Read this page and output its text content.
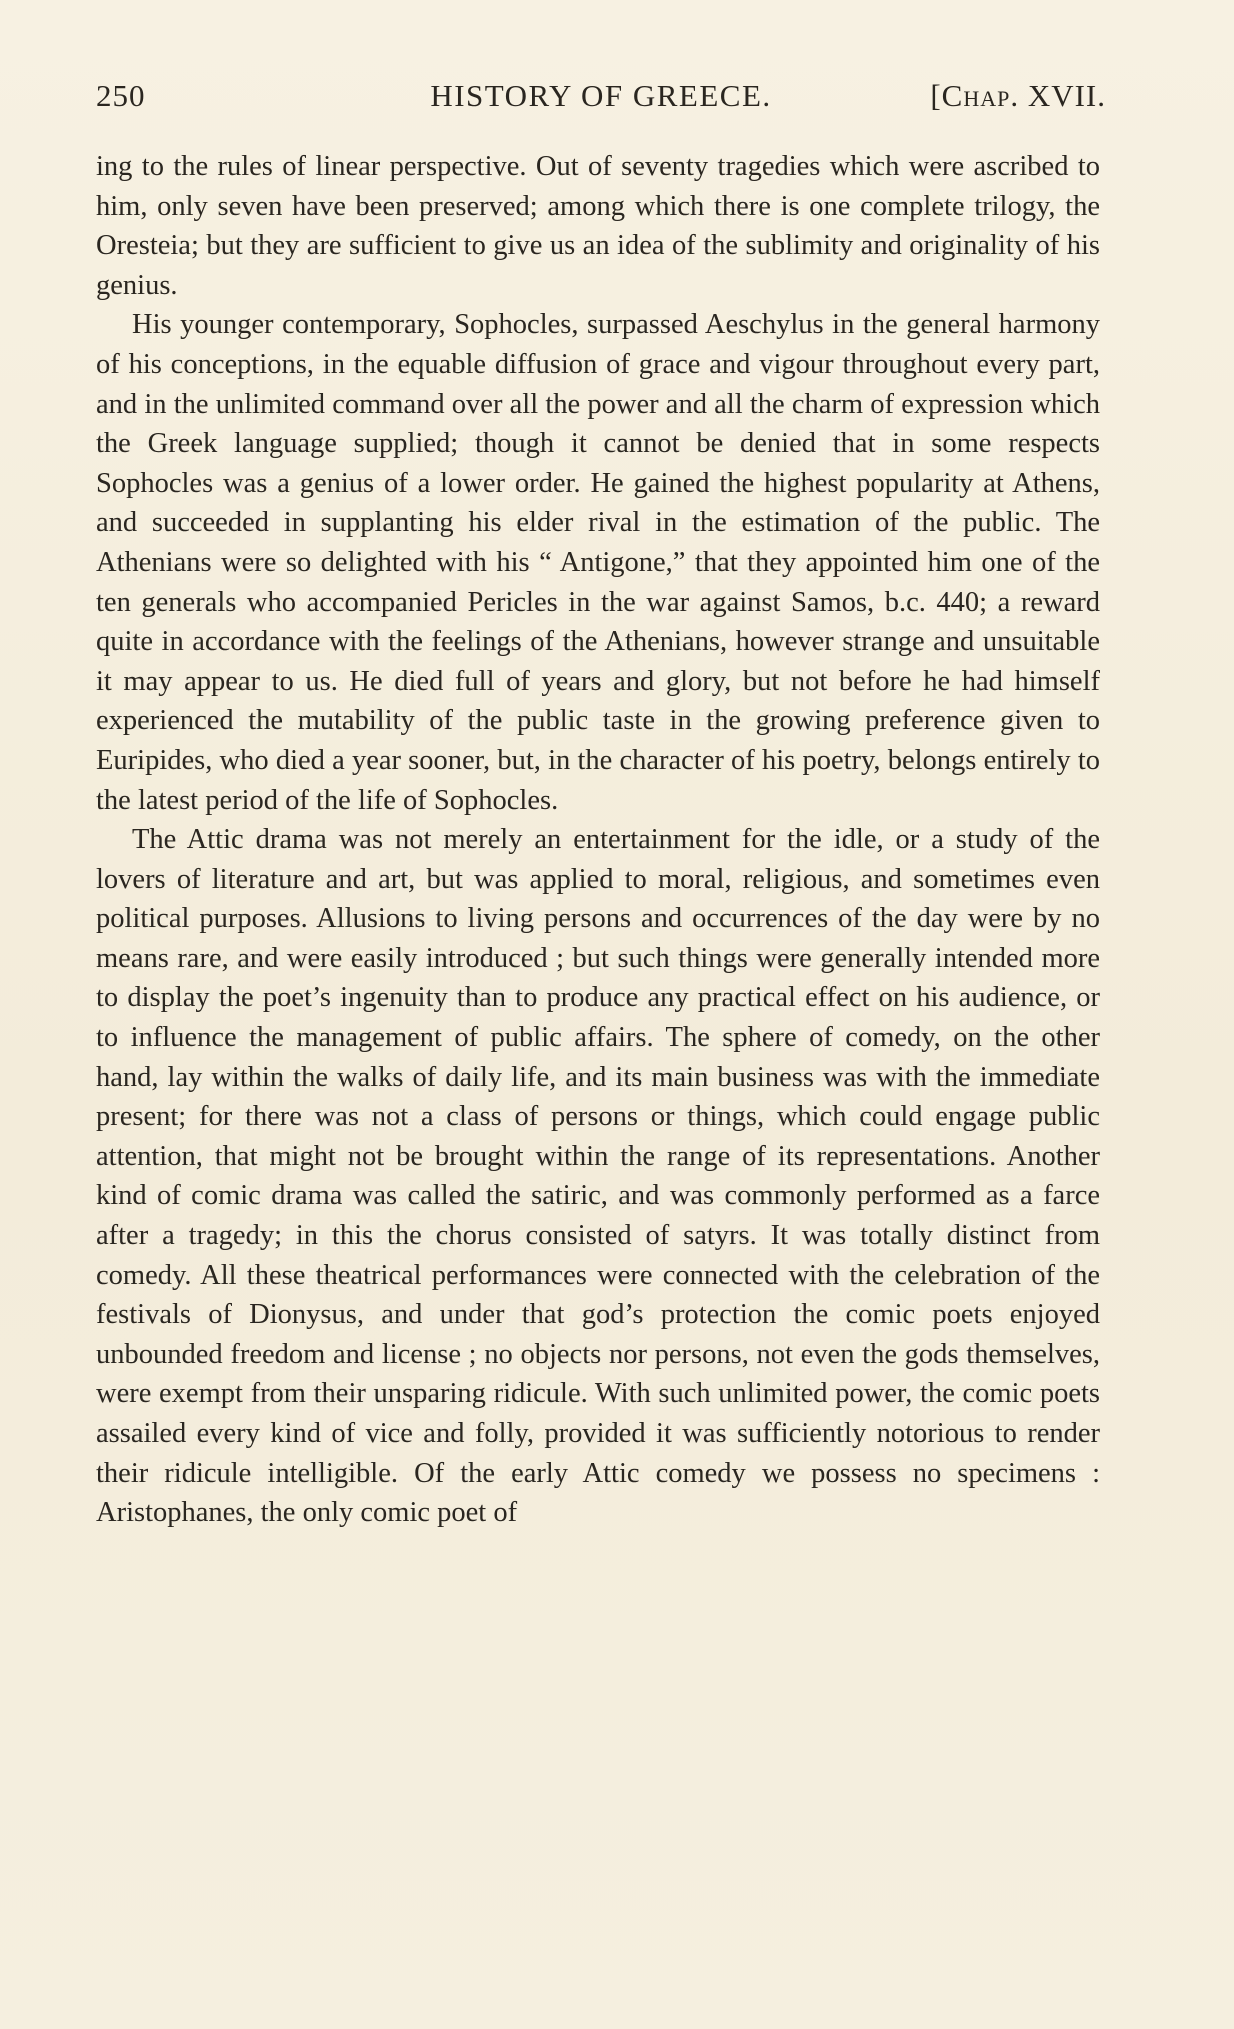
250	HISTORY OF GREECE.	[Chap. XVII.

ing to the rules of linear perspective. Out of seventy tragedies which were ascribed to him, only seven have been preserved; among which there is one complete trilogy, the Oresteia; but they are sufficient to give us an idea of the sublimity and originality of his genius.

His younger contemporary, Sophocles, surpassed Aeschylus in the general harmony of his conceptions, in the equable diffusion of grace and vigour throughout every part, and in the unlimited command over all the power and all the charm of expression which the Greek language supplied; though it cannot be denied that in some respects Sophocles was a genius of a lower order. He gained the highest popularity at Athens, and succeeded in supplanting his elder rival in the estimation of the public. The Athenians were so delighted with his “ Antigone,” that they appointed him one of the ten generals who accompanied Pericles in the war against Samos, b.c. 440; a reward quite in accordance with the feelings of the Athenians, however strange and unsuitable it may appear to us. He died full of years and glory, but not before he had himself experienced the mutability of the public taste in the growing preference given to Euripides, who died a year sooner, but, in the character of his poetry, belongs entirely to the latest period of the life of Sophocles.

The Attic drama was not merely an entertainment for the idle, or a study of the lovers of literature and art, but was applied to moral, religious, and sometimes even political purposes. Allusions to living persons and occurrences of the day were by no means rare, and were easily introduced ; but such things were generally intended more to display the poet’s ingenuity than to produce any practical effect on his audience, or to influence the management of public affairs. The sphere of comedy, on the other hand, lay within the walks of daily life, and its main business was with the immediate present; for there was not a class of persons or things, which could engage public attention, that might not be brought within the range of its representations. Another kind of comic drama was called the satiric, and was commonly performed as a farce after a tragedy; in this the chorus consisted of satyrs. It was totally distinct from comedy. All these theatrical performances were connected with the celebration of the festivals of Dionysus, and under that god’s protection the comic poets enjoyed unbounded freedom and license ; no objects nor persons, not even the gods themselves, were exempt from their unsparing ridicule. With such unlimited power, the comic poets assailed every kind of vice and folly, provided it was sufficiently notorious to render their ridicule intelligible. Of the early Attic comedy we possess no specimens : Aristophanes, the only comic poet of
